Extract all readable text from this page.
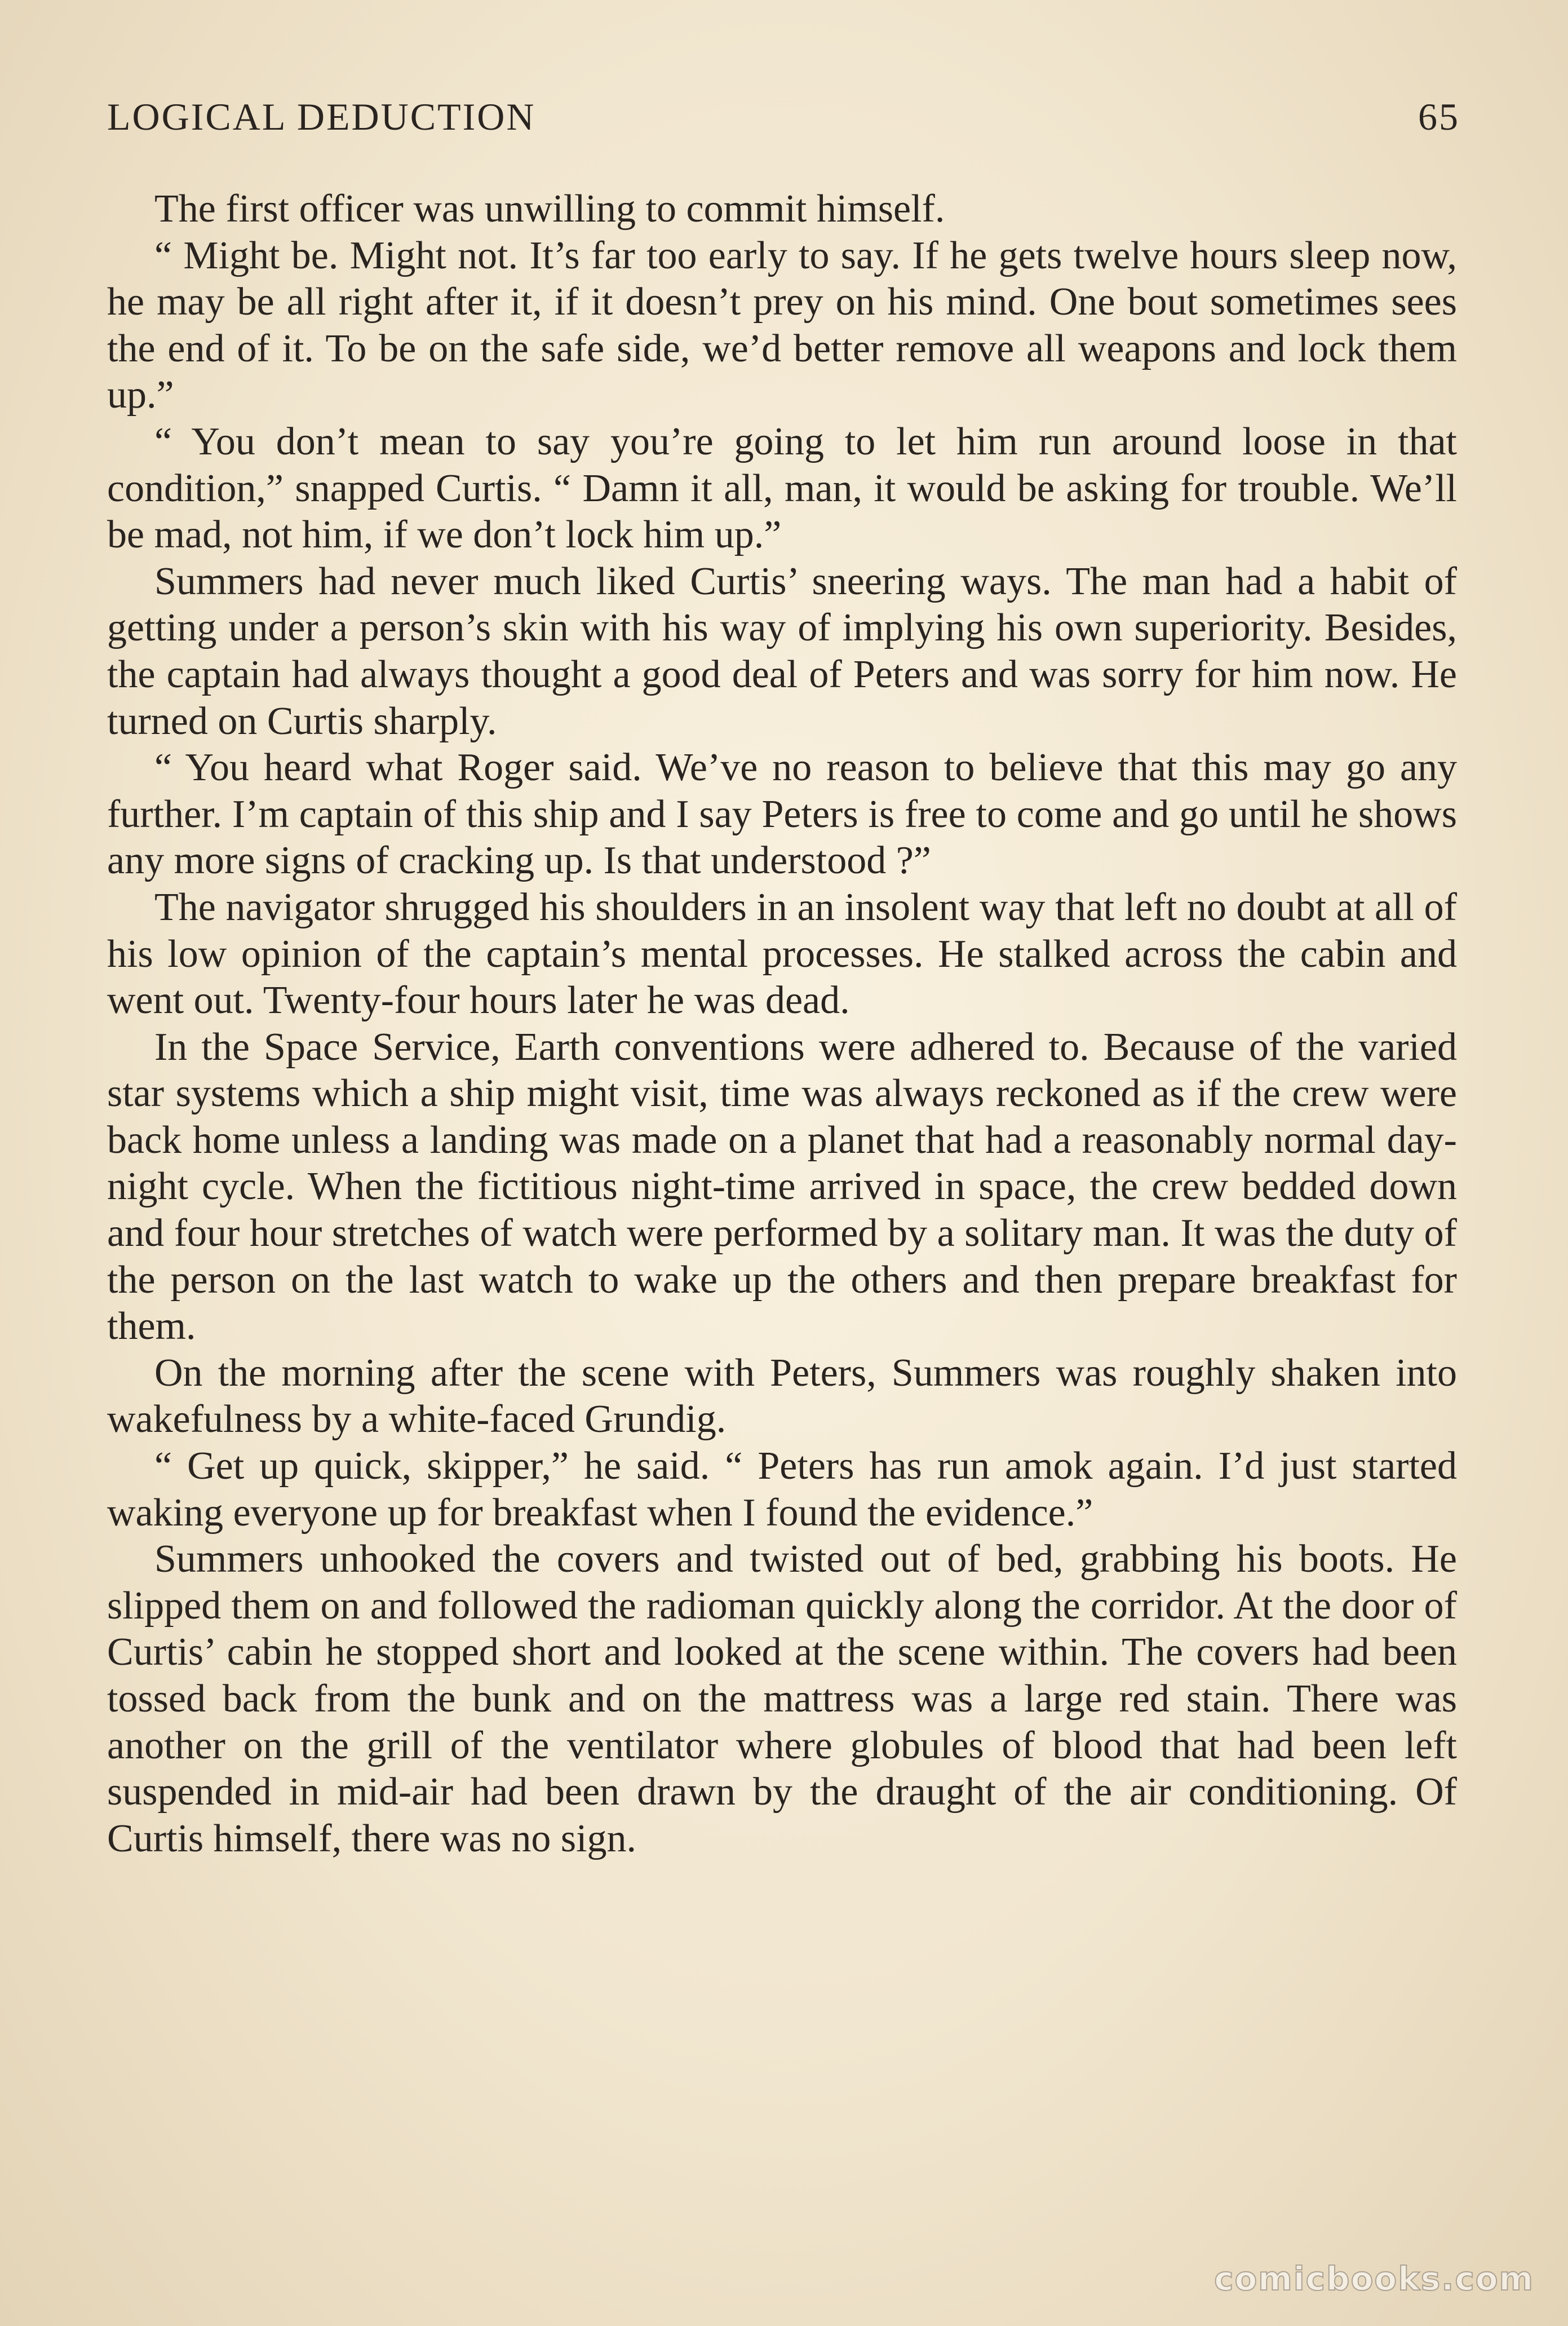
LOGICAL DEDUCTION	65

The first officer was unwilling to commit himself.

“ Might be. Might not. It’s far too early to say. If he gets twelve hours sleep now, he may be all right after it, if it doesn’t prey on his mind. One bout sometimes sees the end of it. To be on the safe side, we’d better remove all weapons and lock them up.”

“ You don’t mean to say you’re going to let him run around loose in that condition,” snapped Curtis. “ Damn it all, man, it would be asking for trouble. We’ll be mad, not him, if we don’t lock him up.”

Summers had never much liked Curtis’ sneering ways. The man had a habit of getting under a person’s skin with his way of implying his own superiority. Besides, the captain had always thought a good deal of Peters and was sorry for him now. He turned on Curtis sharply.

“ You heard what Roger said. We’ve no reason to believe that this may go any further. I’m captain of this ship and I say Peters is free to come and go until he shows any more signs of cracking up. Is that understood ?”

The navigator shrugged his shoulders in an insolent way that left no doubt at all of his low opinion of the captain’s mental processes. He stalked across the cabin and went out. Twenty-four hours later he was dead.

In the Space Service, Earth conventions were adhered to. Because of the varied star systems which a ship might visit, time was always reckoned as if the crew were back home unless a landing was made on a planet that had a reasonably normal day-night cycle. When the fictitious night-time arrived in space, the crew bedded down and four hour stretches of watch were performed by a solitary man. It was the duty of the person on the last watch to wake up the others and then prepare breakfast for them.

On the morning after the scene with Peters, Summers was roughly shaken into wakefulness by a white-faced Grundig.

“ Get up quick, skipper,” he said. “ Peters has run amok again. I’d just started waking everyone up for breakfast when I found the evidence.”

Summers unhooked the covers and twisted out of bed, grabbing his boots. He slipped them on and followed the radioman quickly along the corridor. At the door of Curtis’ cabin he stopped short and looked at the scene within. The covers had been tossed back from the bunk and on the mattress was a large red stain. There was another on the grill of the ventilator where globules of blood that had been left suspended in mid-air had been drawn by the draught of the air conditioning. Of Curtis himself, there was no sign.

comicbooks.com
